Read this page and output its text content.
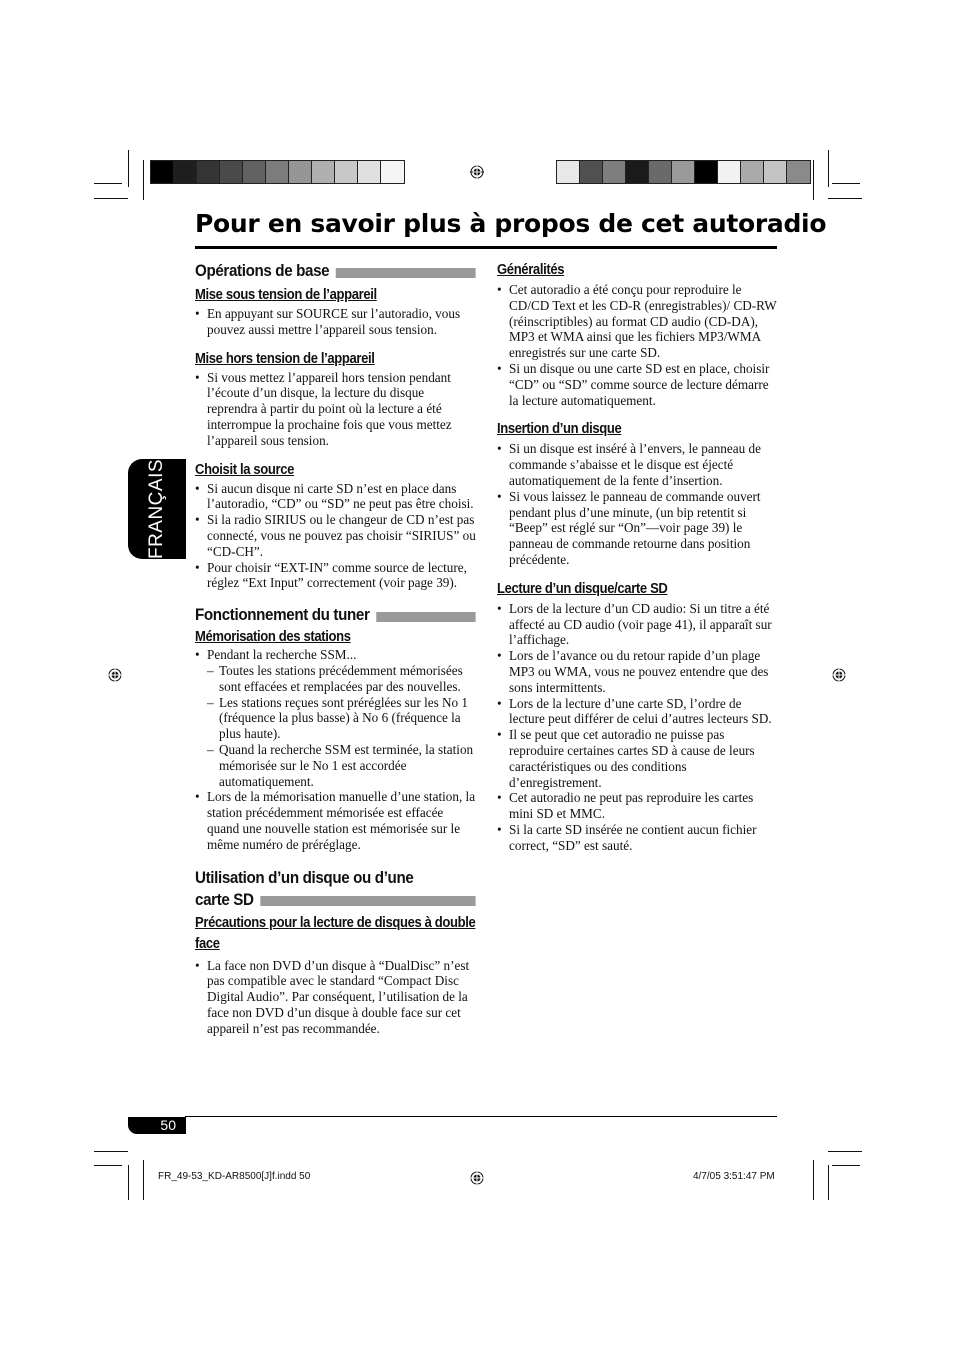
Pour en savoir plus à propos de cet autoradio
FRANÇAIS
Opérations de base
Mise sous tension de l’appareil
• En appuyant sur SOURCE sur l’autoradio, vous pouvez aussi mettre l’appareil sous tension.
Mise hors tension de l’appareil
• Si vous mettez l’appareil hors tension pendant l’écoute d’un disque, la lecture du disque reprendra à partir du point où la lecture a été interrompue la prochaine fois que vous mettez l’appareil sous tension.
Choisit la source
• Si aucun disque ni carte SD n’est en place dans l’autoradio, “CD” ou “SD” ne peut pas être choisi.
• Si la radio SIRIUS ou le changeur de CD n’est pas connecté, vous ne pouvez pas choisir “SIRIUS” ou “CD-CH”.
• Pour choisir “EXT-IN” comme source de lecture, réglez “Ext Input” correctement (voir page 39).
Fonctionnement du tuner
Mémorisation des stations
• Pendant la recherche SSM...
– Toutes les stations précédemment mémorisées sont effacées et remplacées par des nouvelles.
– Les stations reçues sont préréglées sur les No 1 (fréquence la plus basse) à No 6 (fréquence la plus haute).
– Quand la recherche SSM est terminée, la station mémorisée sur le No 1 est accordée automatiquement.
• Lors de la mémorisation manuelle d’une station, la station précédemment mémorisée est effacée quand une nouvelle station est mémorisée sur le même numéro de préréglage.
Utilisation d’un disque ou d’une
carte SD
Précautions pour la lecture de disques à double face
• La face non DVD d’un disque à “DualDisc” n’est pas compatible avec le standard “Compact Disc Digital Audio”. Par conséquent, l’utilisation de la face non DVD d’un disque à double face sur cet appareil n’est pas recommandée.
Généralités
• Cet autoradio a été conçu pour reproduire le CD/CD Text et les CD-R (enregistrables)/ CD-RW (réinscriptibles) au format CD audio (CD-DA), MP3 et WMA ainsi que les fichiers MP3/WMA enregistrés sur une carte SD.
• Si un disque ou une carte SD est en place, choisir “CD” ou “SD” comme source de lecture démarre la lecture automatiquement.
Insertion d’un disque
• Si un disque est inséré à l’envers, le panneau de commande s’abaisse et le disque est éjecté automatiquement de la fente d’insertion.
• Si vous laissez le panneau de commande ouvert pendant plus d’une minute, (un bip retentit si “Beep” est réglé sur “On”—voir page 39) le panneau de commande retourne dans position précédente.
Lecture d’un disque/carte SD
• Lors de la lecture d’un CD audio: Si un titre a été affecté au CD audio (voir page 41), il apparaît sur l’affichage.
• Lors de l’avance ou du retour rapide d’un plage MP3 ou WMA, vous ne pouvez entendre que des sons intermittents.
• Lors de la lecture d’une carte SD, l’ordre de lecture peut différer de celui d’autres lecteurs SD.
• Il se peut que cet autoradio ne puisse pas reproduire certaines cartes SD à cause de leurs caractéristiques ou des conditions d’enregistrement.
• Cet autoradio ne peut pas reproduire les cartes mini SD et MMC.
• Si la carte SD insérée ne contient aucun fichier correct, “SD” est sauté.
50
FR_49-53_KD-AR8500[J]f.indd 50	4/7/05 3:51:47 PM
